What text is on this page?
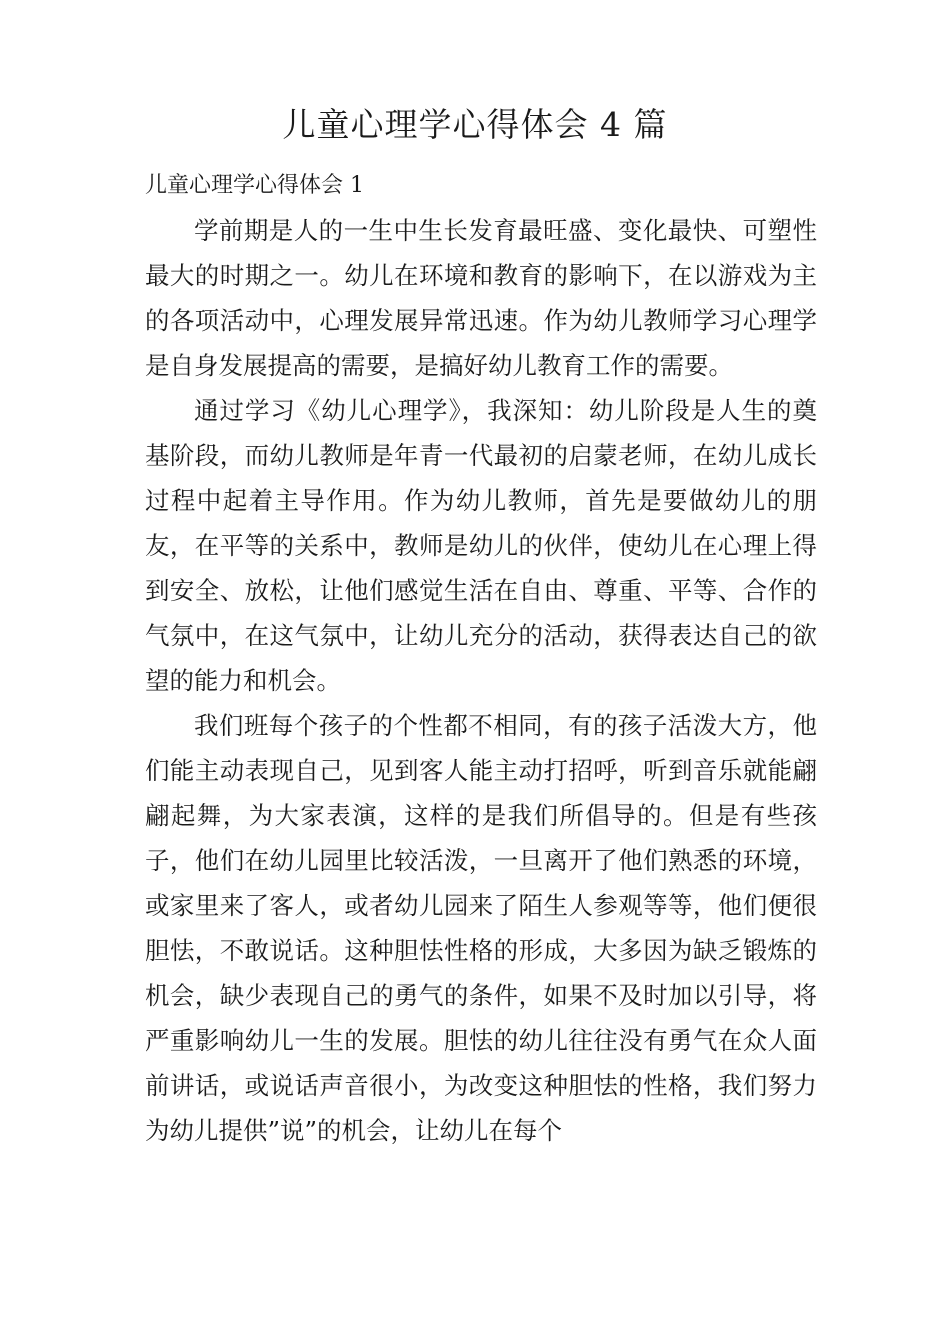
儿童心理学心得体会 4 篇
儿童心理学心得体会 1

学前期是人的一生中生长发育最旺盛、变化最快、可塑性最大的时期之一。幼儿在环境和教育的影响下，在以游戏为主的各项活动中，心理发展异常迅速。作为幼儿教师学习心理学是自身发展提高的需要，是搞好幼儿教育工作的需要。

通过学习《幼儿心理学》，我深知：幼儿阶段是人生的奠基阶段，而幼儿教师是年青一代最初的启蒙老师，在幼儿成长过程中起着主导作用。作为幼儿教师，首先是要做幼儿的朋友，在平等的关系中，教师是幼儿的伙伴，使幼儿在心理上得到安全、放松，让他们感觉生活在自由、尊重、平等、合作的气氛中，在这气氛中，让幼儿充分的活动，获得表达自己的欲望的能力和机会。

我们班每个孩子的个性都不相同，有的孩子活泼大方，他们能主动表现自己，见到客人能主动打招呼，听到音乐就能翩翩起舞，为大家表演，这样的是我们所倡导的。但是有些孩子，他们在幼儿园里比较活泼，一旦离开了他们熟悉的环境，或家里来了客人，或者幼儿园来了陌生人参观等等，他们便很胆怯，不敢说话。这种胆怯性格的形成，大多因为缺乏锻炼的机会，缺少表现自己的勇气的条件，如果不及时加以引导，将严重影响幼儿一生的发展。胆怯的幼儿往往没有勇气在众人面前讲话，或说话声音很小，为改变这种胆怯的性格，我们努力为幼儿提供”说”的机会，让幼儿在每个
